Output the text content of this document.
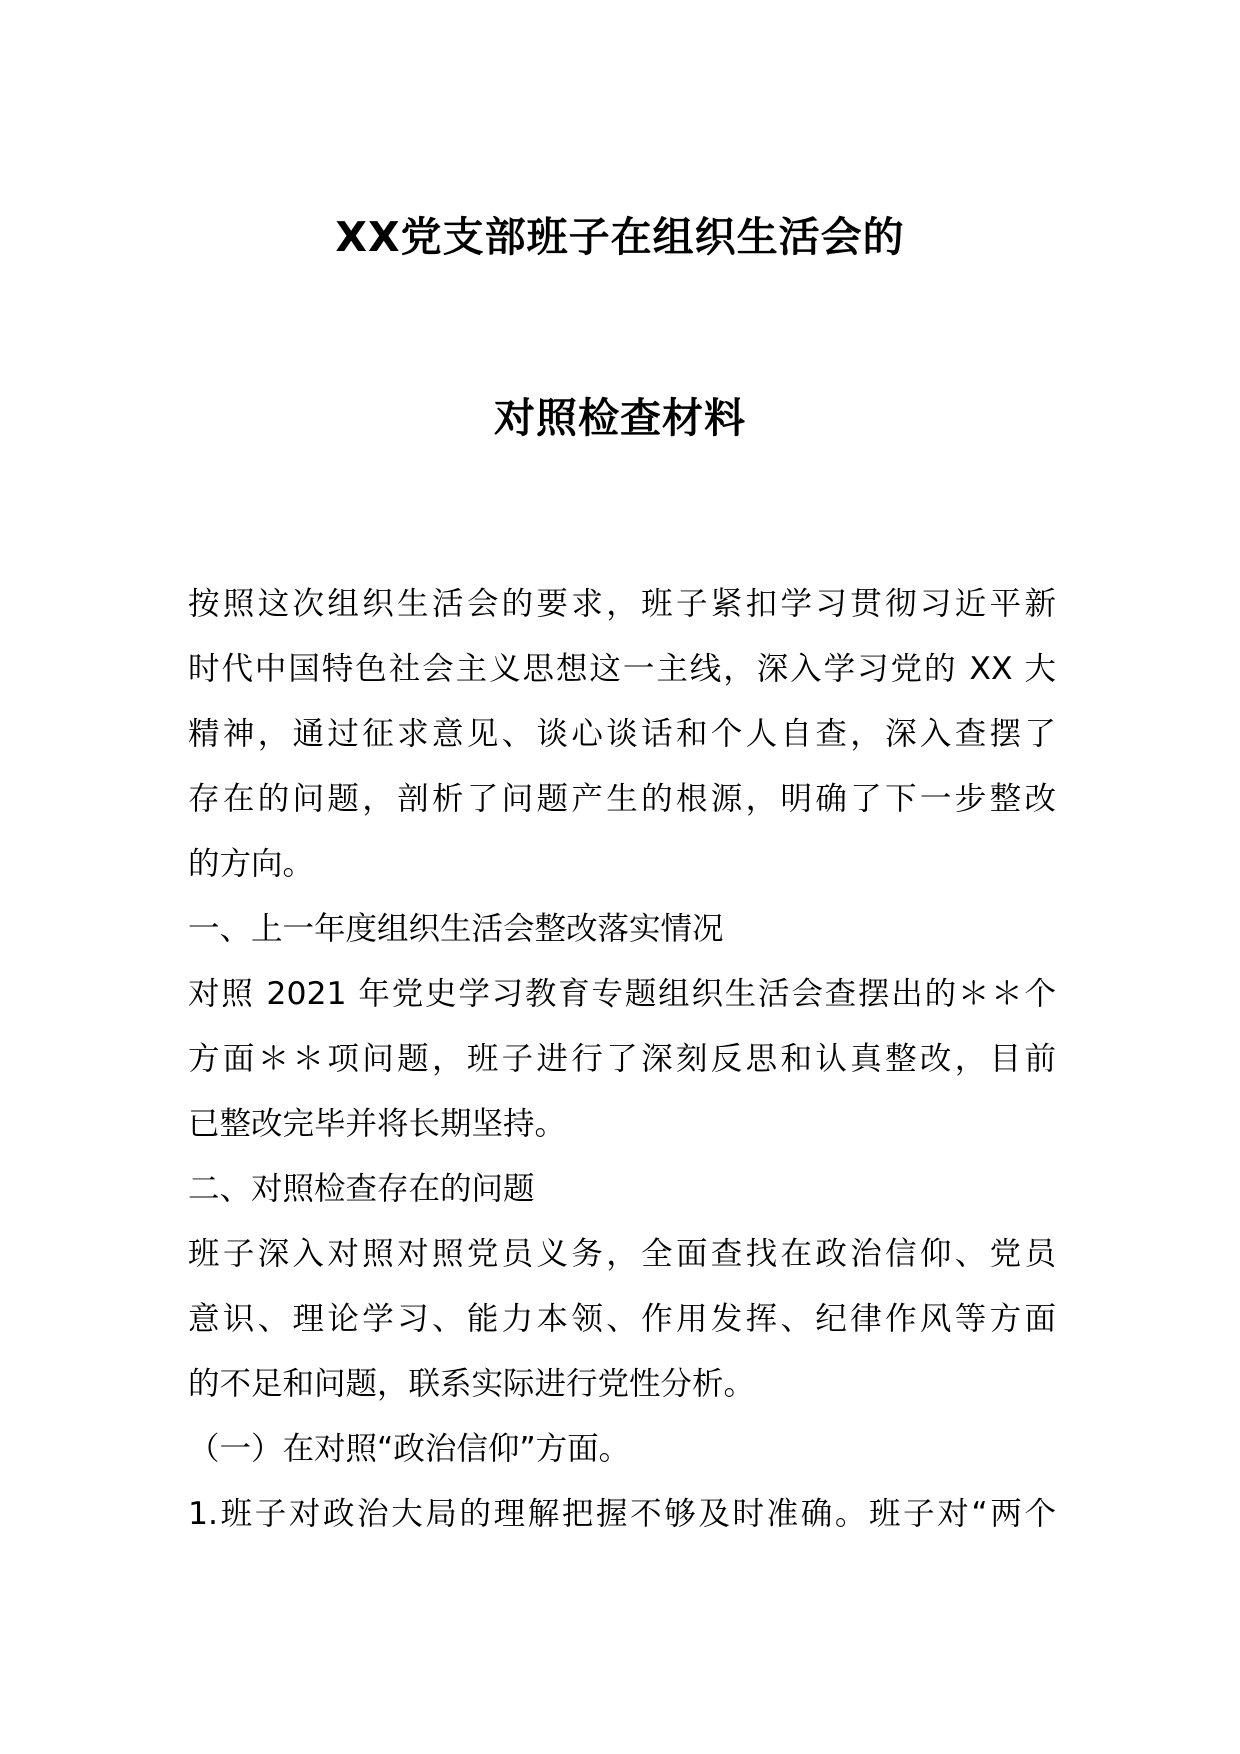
XX党支部班子在组织生活会的
对照检查材料
按照这次组织生活会的要求，班子紧扣学习贯彻习近平新
时代中国特色社会主义思想这一主线，深入学习党的 XX 大
精神，通过征求意见、谈心谈话和个人自查，深入查摆了
存在的问题，剖析了问题产生的根源，明确了下一步整改
的方向。
一、上一年度组织生活会整改落实情况
对照 2021 年党史学习教育专题组织生活会查摆出的＊＊个
方面＊＊项问题，班子进行了深刻反思和认真整改，目前
已整改完毕并将长期坚持。
二、对照检查存在的问题
班子深入对照对照党员义务，全面查找在政治信仰、党员
意识、理论学习、能力本领、作用发挥、纪律作风等方面
的不足和问题，联系实际进行党性分析。
（一）在对照“政治信仰”方面。
1.班子对政治大局的理解把握不够及时准确。班子对“两个
